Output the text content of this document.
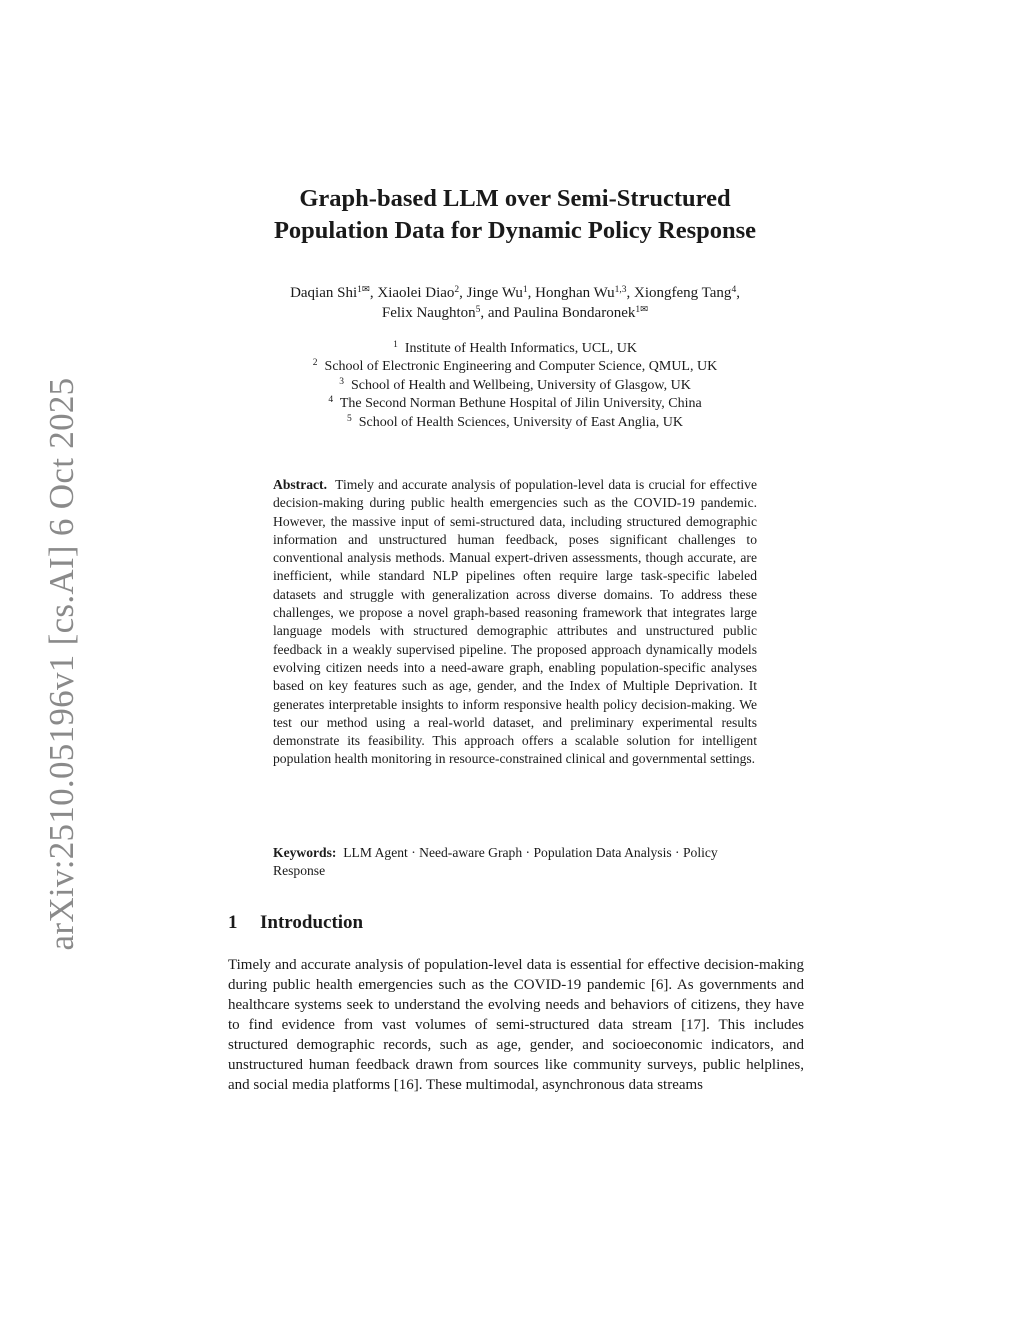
arXiv:2510.05196v1 [cs.AI] 6 Oct 2025
Graph-based LLM over Semi-Structured
Population Data for Dynamic Policy Response
Daqian Shi$^{1✉}$, Xiaolei Diao$^2$, Jinge Wu$^1$, Honghan Wu$^{1,3}$, Xiongfeng Tang$^4$,
Felix Naughton$^5$, and Paulina Bondaronek$^{1✉}$
$^1$ Institute of Health Informatics, UCL, UK
$^2$ School of Electronic Engineering and Computer Science, QMUL, UK
$^3$ School of Health and Wellbeing, University of Glasgow, UK
$^4$ The Second Norman Bethune Hospital of Jilin University, China
$^5$ School of Health Sciences, University of East Anglia, UK
Abstract. Timely and accurate analysis of population-level data is crucial for effective decision-making during public health emergencies such as the COVID-19 pandemic. However, the massive input of semi-structured data, including structured demographic information and unstructured human feedback, poses significant challenges to conventional analysis methods. Manual expert-driven assessments, though accurate, are inefficient, while standard NLP pipelines often require large task-specific labeled datasets and struggle with generalization across diverse domains. To address these challenges, we propose a novel graph-based reasoning framework that integrates large language models with structured demographic attributes and unstructured public feedback in a weakly supervised pipeline. The proposed approach dynamically models evolving citizen needs into a need-aware graph, enabling population-specific analyses based on key features such as age, gender, and the Index of Multiple Deprivation. It generates interpretable insights to inform responsive health policy decision-making. We test our method using a real-world dataset, and preliminary experimental results demonstrate its feasibility. This approach offers a scalable solution for intelligent population health monitoring in resource-constrained clinical and governmental settings.
Keywords: LLM Agent · Need-aware Graph · Population Data Analysis · Policy Response
1 Introduction
Timely and accurate analysis of population-level data is essential for effective decision-making during public health emergencies such as the COVID-19 pandemic [6]. As governments and healthcare systems seek to understand the evolving needs and behaviors of citizens, they have to find evidence from vast volumes of semi-structured data stream [17]. This includes structured demographic records, such as age, gender, and socioeconomic indicators, and unstructured human feedback drawn from sources like community surveys, public helplines, and social media platforms [16]. These multimodal, asynchronous data streams
